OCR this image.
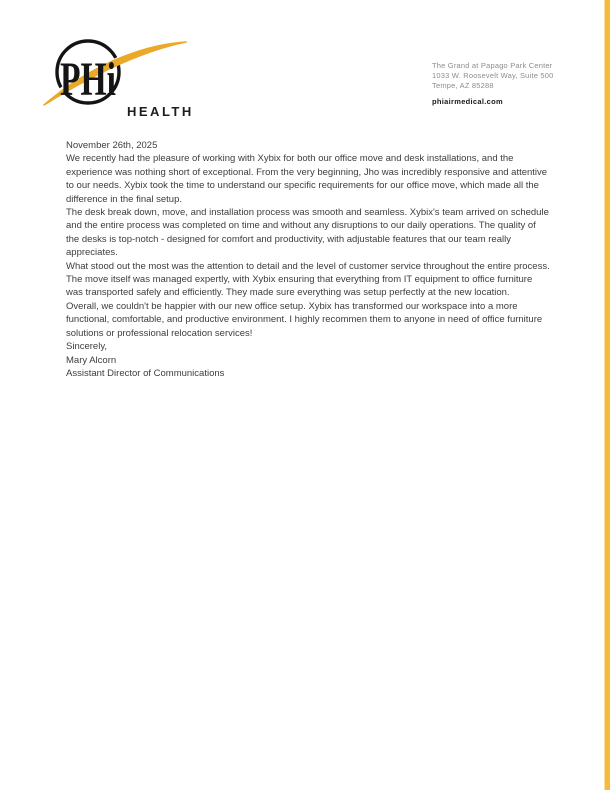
PHi
HEALTH
The Grand at Papago Park Center
1033 W. Roosevelt Way, Suite 500
Tempe, AZ 85288
phiairmedical.com

November 26th, 2025

We recently had the pleasure of working with Xybix for both our office move and desk installations, and the experience was nothing short of exceptional. From the very beginning, Jho was incredibly responsive and attentive to our needs. Xybix took the time to understand our specific requirements for our office move, which made all the difference in the final setup.

The desk break down, move, and installation process was smooth and seamless. Xybix's team arrived on schedule and the entire process was completed on time and without any disruptions to our daily operations. The quality of the desks is top-notch - designed for comfort and productivity, with adjustable features that our team really appreciates.

What stood out the most was the attention to detail and the level of customer service throughout the entire process. The move itself was managed expertly, with Xybix ensuring that everything from IT equipment to office furniture was transported safely and efficiently. They made sure everything was setup perfectly at the new location.

Overall, we couldn't be happier with our new office setup. Xybix has transformed our workspace into a more functional, comfortable, and productive environment. I highly recommen them to anyone in need of office furniture solutions or professional relocation services!

Sincerely,

Mary Alcorn

Assistant Director of Communications
